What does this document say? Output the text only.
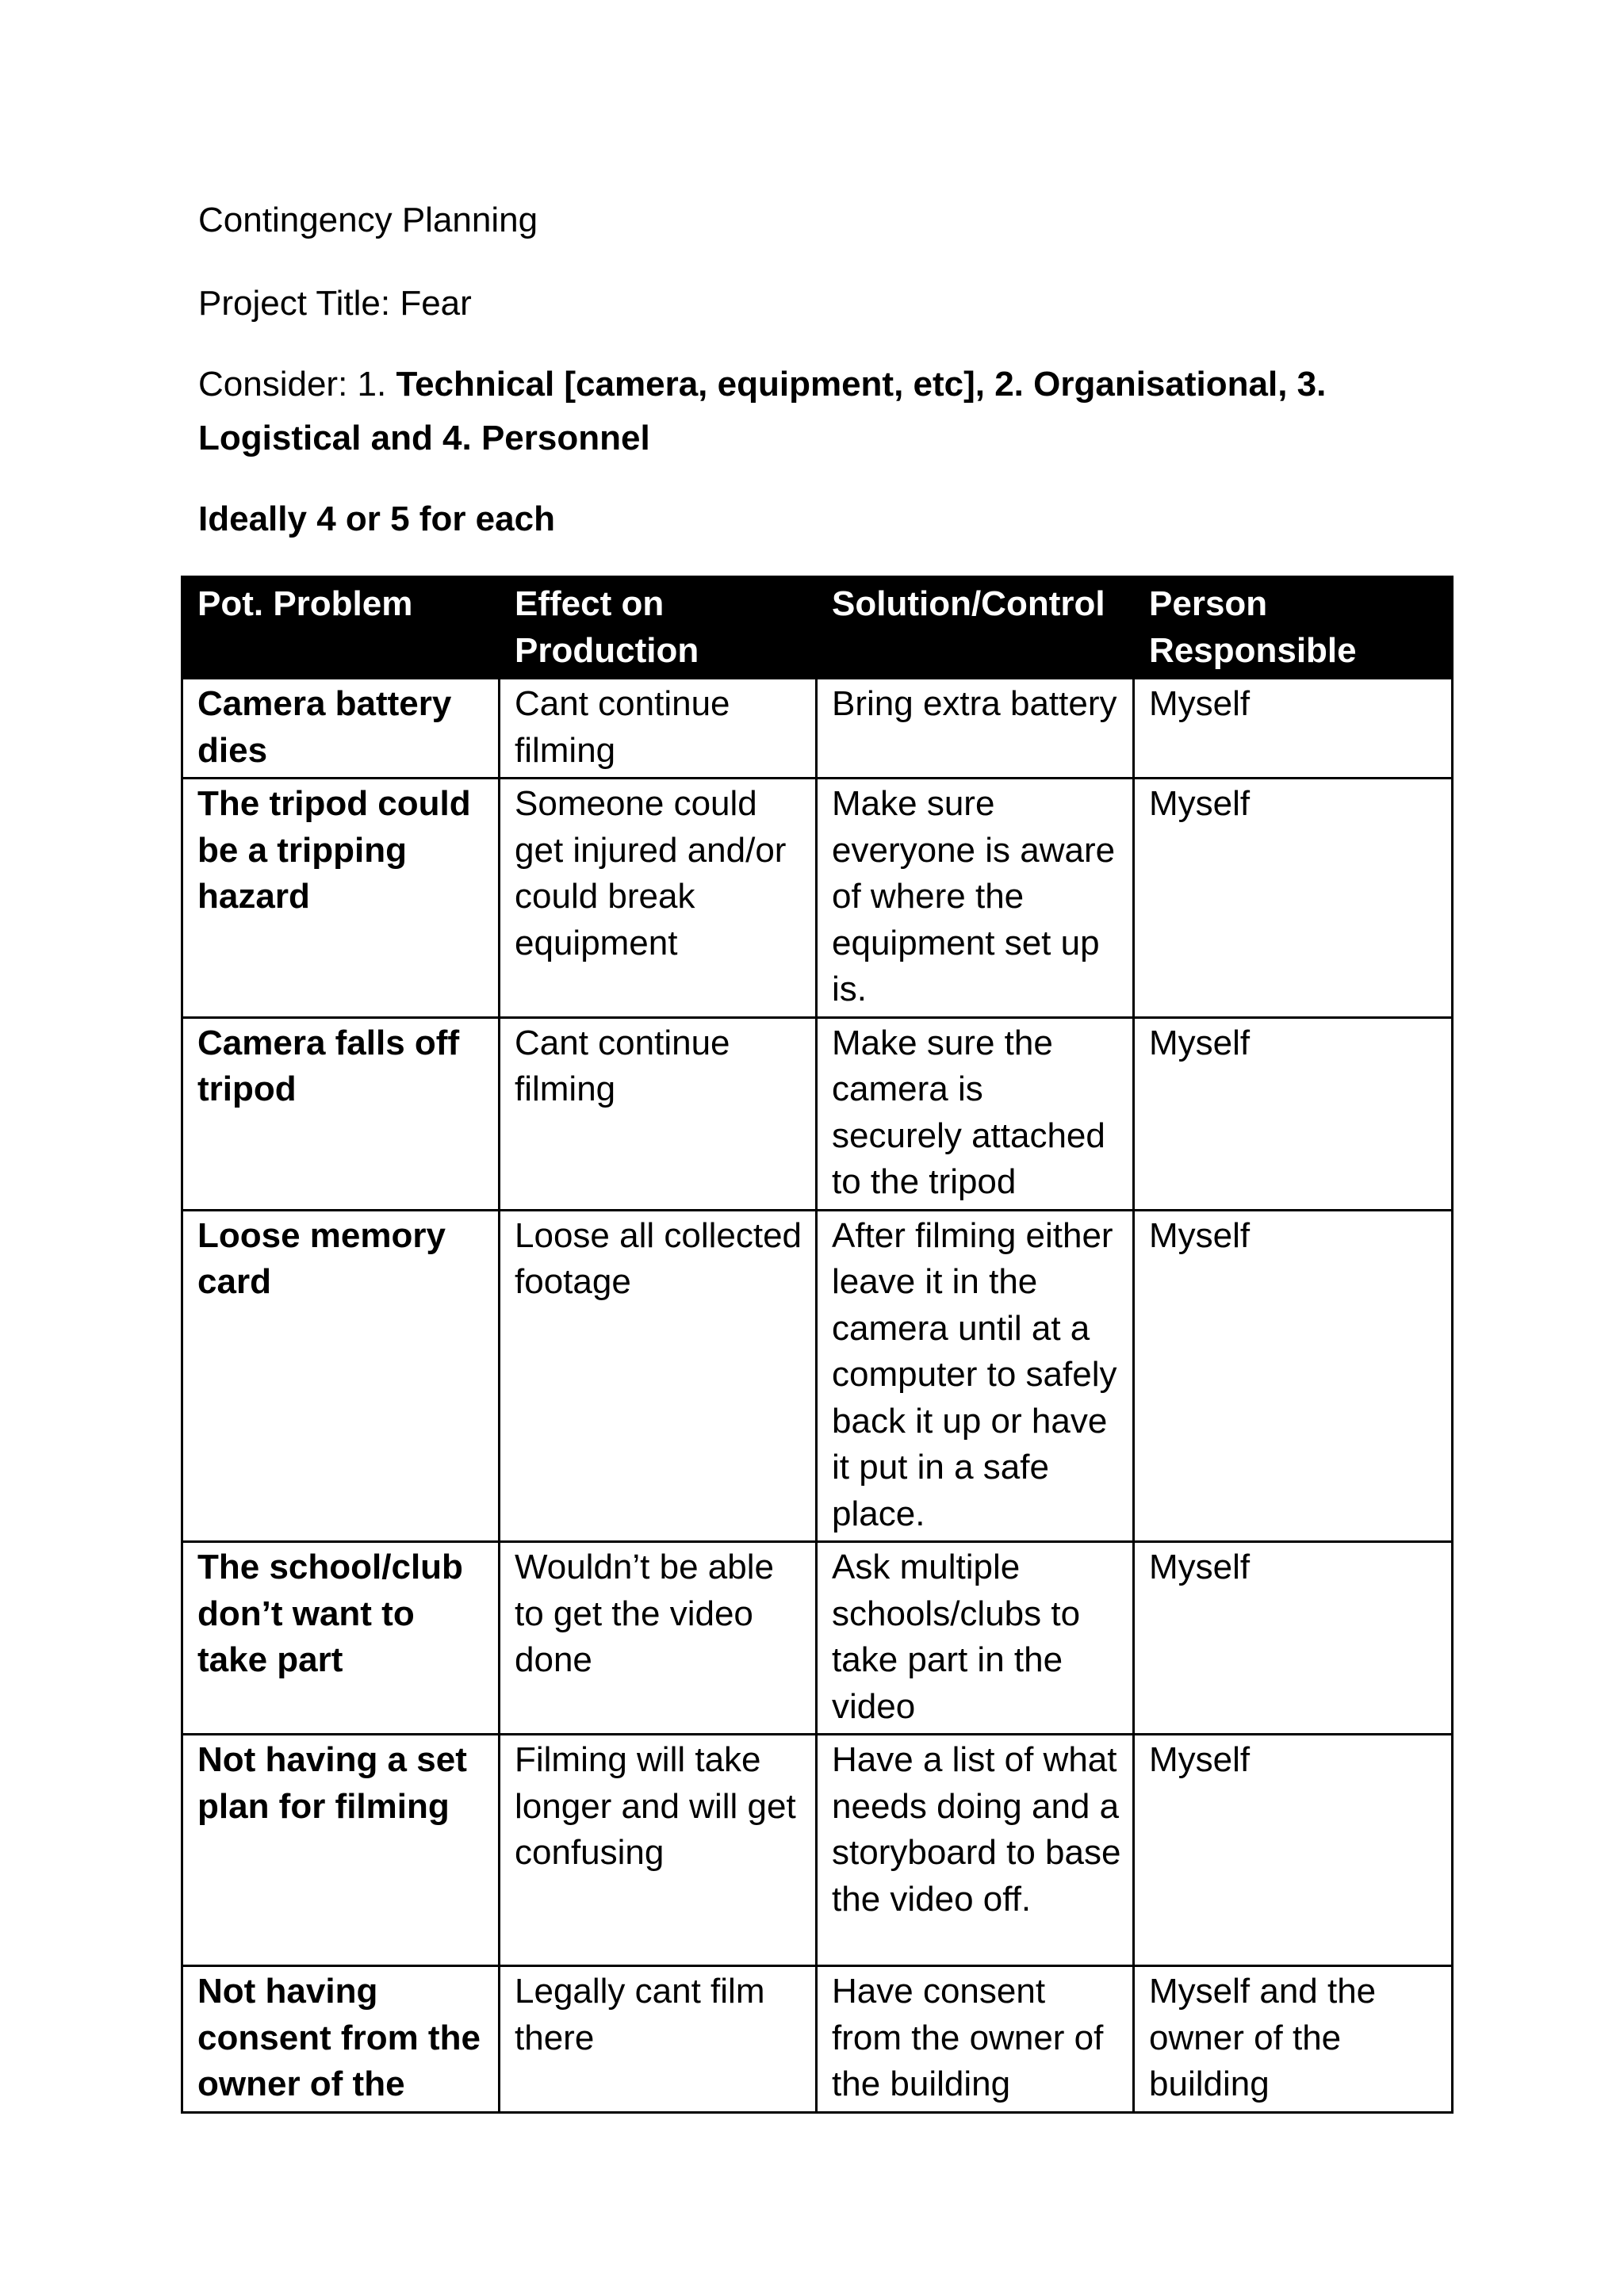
Contingency Planning
Project Title: Fear
Consider: 1. Technical [camera, equipment, etc], 2. Organisational, 3.
Logistical and 4. Personnel
Ideally 4 or 5 for each
Pot. Problem	Effect on Production	Solution/Control	Person Responsible
Camera battery dies	Cant continue filming	Bring extra battery	Myself
The tripod could be a tripping hazard	Someone could get injured and/or could break equipment	Make sure everyone is aware of where the equipment set up is.	Myself
Camera falls off tripod	Cant continue filming	Make sure the camera is securely attached to the tripod	Myself
Loose memory card	Loose all collected footage	After filming either leave it in the camera until at a computer to safely back it up or have it put in a safe place.	Myself
The school/club don’t want to take part	Wouldn’t be able to get the video done	Ask multiple schools/clubs to take part in the video	Myself
Not having a set plan for filming	Filming will take longer and will get confusing	Have a list of what needs doing and a storyboard to base the video off.	Myself
Not having consent from the owner of the	Legally cant film there	Have consent from the owner of the building	Myself and the owner of the building
